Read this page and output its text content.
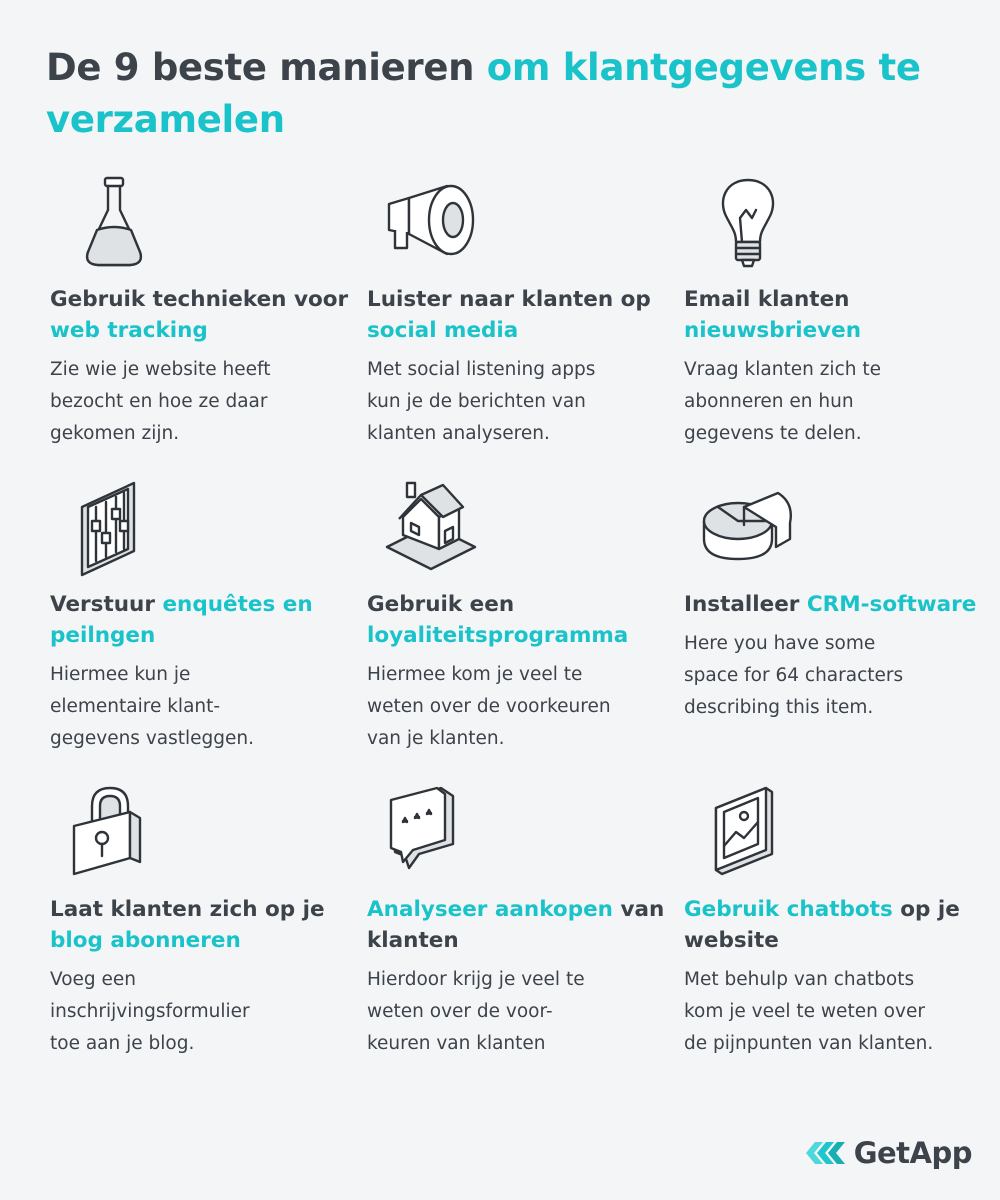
De 9 beste manieren om klantgegevens te verzamelen
Gebruik technieken voor web tracking

Zie wie je website heeft
bezocht en hoe ze daar
gekomen zijn.

Luister naar klanten op social media

Met social listening apps
kun je de berichten van
klanten analyseren.

Email klanten nieuwsbrieven

Vraag klanten zich te
abonneren en hun
gegevens te delen.

Verstuur enquêtes en peilngen

Hiermee kun je
elementaire klant-
gegevens vastleggen.

Gebruik een loyaliteitsprogramma

Hiermee kom je veel te
weten over de voorkeuren
van je klanten.

Installeer CRM-software

Here you have some
space for 64 characters
describing this item.

Laat klanten zich op je blog abonneren

Voeg een
inschrijvingsformulier
toe aan je blog.

Analyseer aankopen van klanten

Hierdoor krijg je veel te
weten over de voor-
keuren van klanten

Gebruik chatbots op je website

Met behulp van chatbots
kom je veel te weten over
de pijnpunten van klanten.

GetApp
